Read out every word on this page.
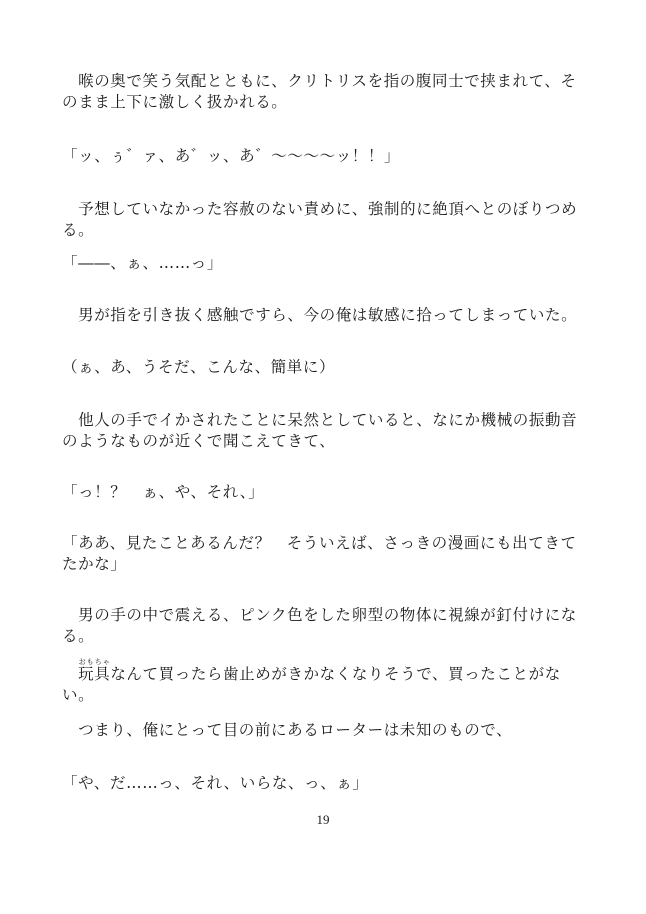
　喉の奥で笑う気配とともに、クリトリスを指の腹同士で挟まれて、そのまま上下に激しく扱かれる。
「ッ、ぅ゛ァ、あ゛ッ、あ゛〜〜〜〜ッ！！」
　予想していなかった容赦のない責めに、強制的に絶頂へとのぼりつめる。
「――、ぁ、……っ」
　男が指を引き抜く感触ですら、今の俺は敏感に拾ってしまっていた。
（ぁ、あ、うそだ、こんな、簡単に）
　他人の手でイかされたことに呆然としていると、なにか機械の振動音のようなものが近くで聞こえてきて、
「っ！？　ぁ、や、それ、」
「ああ、見たことあるんだ？　そういえば、さっきの漫画にも出てきてたかな」
　男の手の中で震える、ピンク色をした卵型の物体に視線が釘付けになる。
　玩具おもちゃなんて買ったら歯止めがきかなくなりそうで、買ったことがない。
　つまり、俺にとって目の前にあるローターは未知のもので、
「や、だ……っ、それ、いらな、っ、ぁ」
19
